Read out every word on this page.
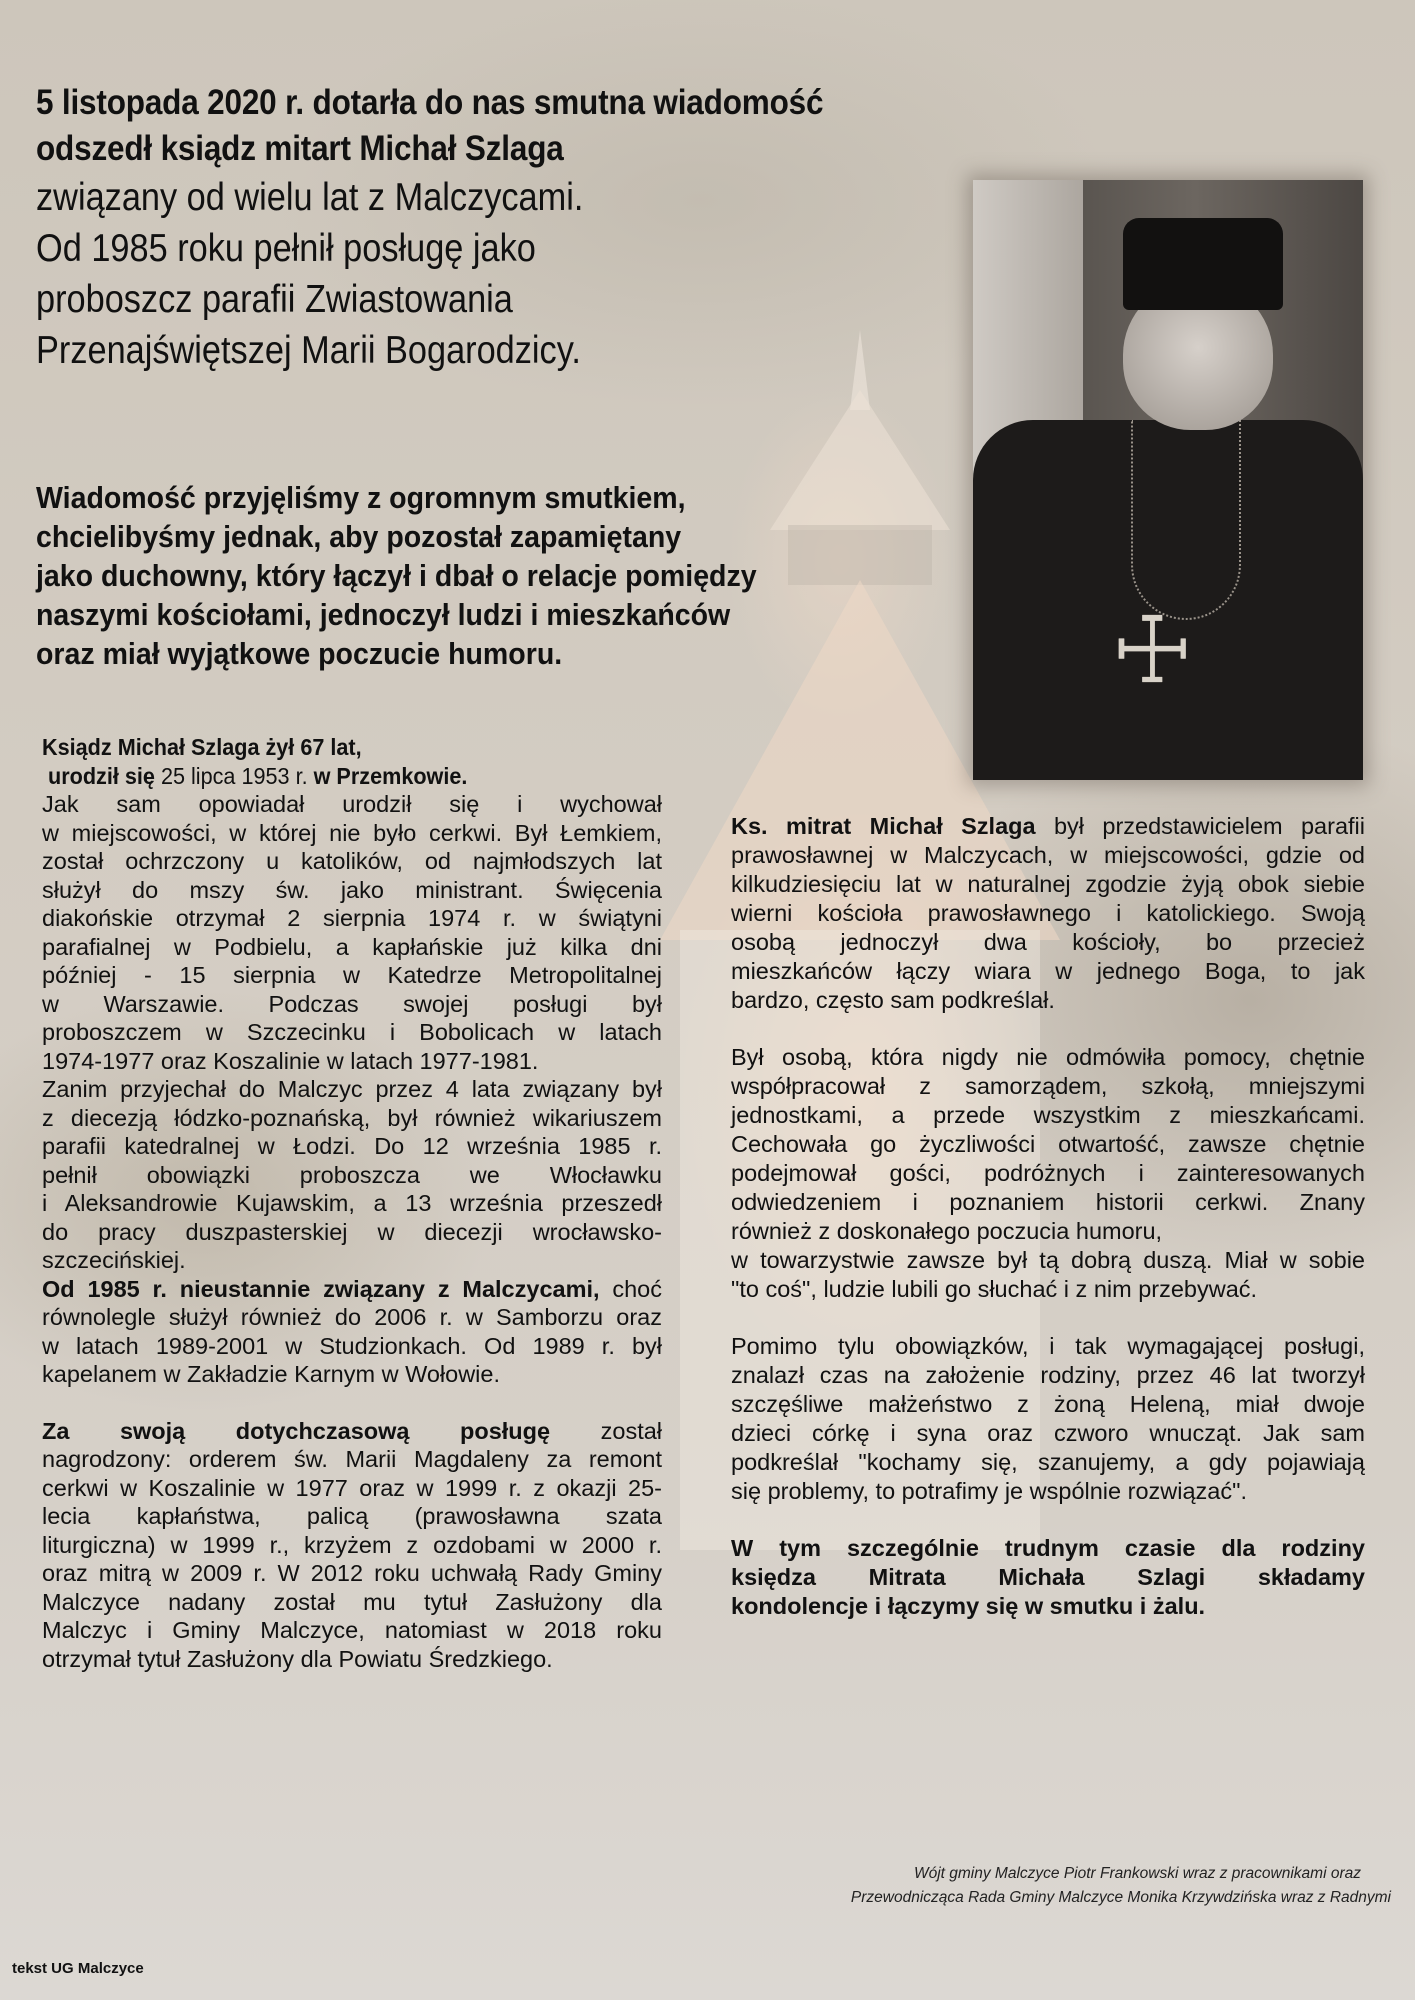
5 listopada 2020 r. dotarła do nas smutna wiadomość
odszedł ksiądz mitart Michał Szlaga
związany od wielu lat z Malczycami.
Od 1985 roku pełnił posługę jako
proboszcz parafii Zwiastowania
Przenajświętszej Marii Bogarodzicy.
Wiadomość przyjęliśmy z ogromnym smutkiem,
chcielibyśmy jednak, aby pozostał zapamiętany
jako duchowny, który łączył i dbał o relacje pomiędzy
naszymi kościołami, jednoczył ludzi i mieszkańców
oraz miał wyjątkowe poczucie humoru.	☩
Ksiądz Michał Szlaga żył 67 lat,
urodził się 25 lipca 1953 r. w Przemkowie.
Jak sam opowiadał urodził się i wychował
w miejscowości, w której nie było cerkwi. Był Łemkiem,
został ochrzczony u katolików, od najmłodszych lat
służył do mszy św. jako ministrant. Święcenia
diakońskie otrzymał 2 sierpnia 1974 r. w świątyni
parafialnej w Podbielu, a kapłańskie już kilka dni
później - 15 sierpnia w Katedrze Metropolitalnej
w Warszawie. Podczas swojej posługi był
proboszczem w Szczecinku i Bobolicach w latach
1974-1977 oraz Koszalinie w latach 1977-1981.
Zanim przyjechał do Malczyc przez 4 lata związany był
z diecezją łódzko-poznańską, był również wikariuszem
parafii katedralnej w Łodzi. Do 12 września 1985 r.
pełnił obowiązki proboszcza we Włocławku
i Aleksandrowie Kujawskim, a 13 września przeszedł
do pracy duszpasterskiej w diecezji wrocławsko-
szczecińskiej.
Od 1985 r. nieustannie związany z Malczycami, choć
równolegle służył również do 2006 r. w Samborzu oraz
w latach 1989-2001 w Studzionkach. Od 1989 r. był
kapelanem w Zakładzie Karnym w Wołowie.
Za swoją dotychczasową posługę został
nagrodzony: orderem św. Marii Magdaleny za remont
cerkwi w Koszalinie w 1977 oraz w 1999 r. z okazji 25-
lecia kapłaństwa, palicą (prawosławna szata
liturgiczna) w 1999 r., krzyżem z ozdobami w 2000 r.
oraz mitrą w 2009 r. W 2012 roku uchwałą Rady Gminy
Malczyce nadany został mu tytuł Zasłużony dla
Malczyc i Gminy Malczyce, natomiast w 2018 roku
otrzymał tytuł Zasłużony dla Powiatu Średzkiego.
Ks. mitrat Michał Szlaga był przedstawicielem parafii
prawosławnej w Malczycach, w miejscowości, gdzie od
kilkudziesięciu lat w naturalnej zgodzie żyją obok siebie
wierni kościoła prawosławnego i katolickiego. Swoją
osobą jednoczył dwa kościoły, bo przecież
mieszkańców łączy wiara w jednego Boga, to jak
bardzo, często sam podkreślał.
Był osobą, która nigdy nie odmówiła pomocy, chętnie
współpracował z samorządem, szkołą, mniejszymi
jednostkami, a przede wszystkim z mieszkańcami.
Cechowała go życzliwości otwartość, zawsze chętnie
podejmował gości, podróżnych i zainteresowanych
odwiedzeniem i poznaniem historii cerkwi. Znany
również z doskonałego poczucia humoru,
w towarzystwie zawsze był tą dobrą duszą. Miał w sobie
"to coś", ludzie lubili go słuchać i z nim przebywać.
Pomimo tylu obowiązków, i tak wymagającej posługi,
znalazł czas na założenie rodziny, przez 46 lat tworzył
szczęśliwe małżeństwo z żoną Heleną, miał dwoje
dzieci córkę i syna oraz czworo wnucząt. Jak sam
podkreślał "kochamy się, szanujemy, a gdy pojawiają
się problemy, to potrafimy je wspólnie rozwiązać".
W tym szczególnie trudnym czasie dla rodziny
księdza Mitrata Michała Szlagi składamy
kondolencje i łączymy się w smutku i żalu.
Wójt gminy Malczyce Piotr Frankowski wraz z pracownikami oraz
Przewodnicząca Rada Gminy Malczyce Monika Krzywdzińska wraz z Radnymi
tekst UG Malczyce
